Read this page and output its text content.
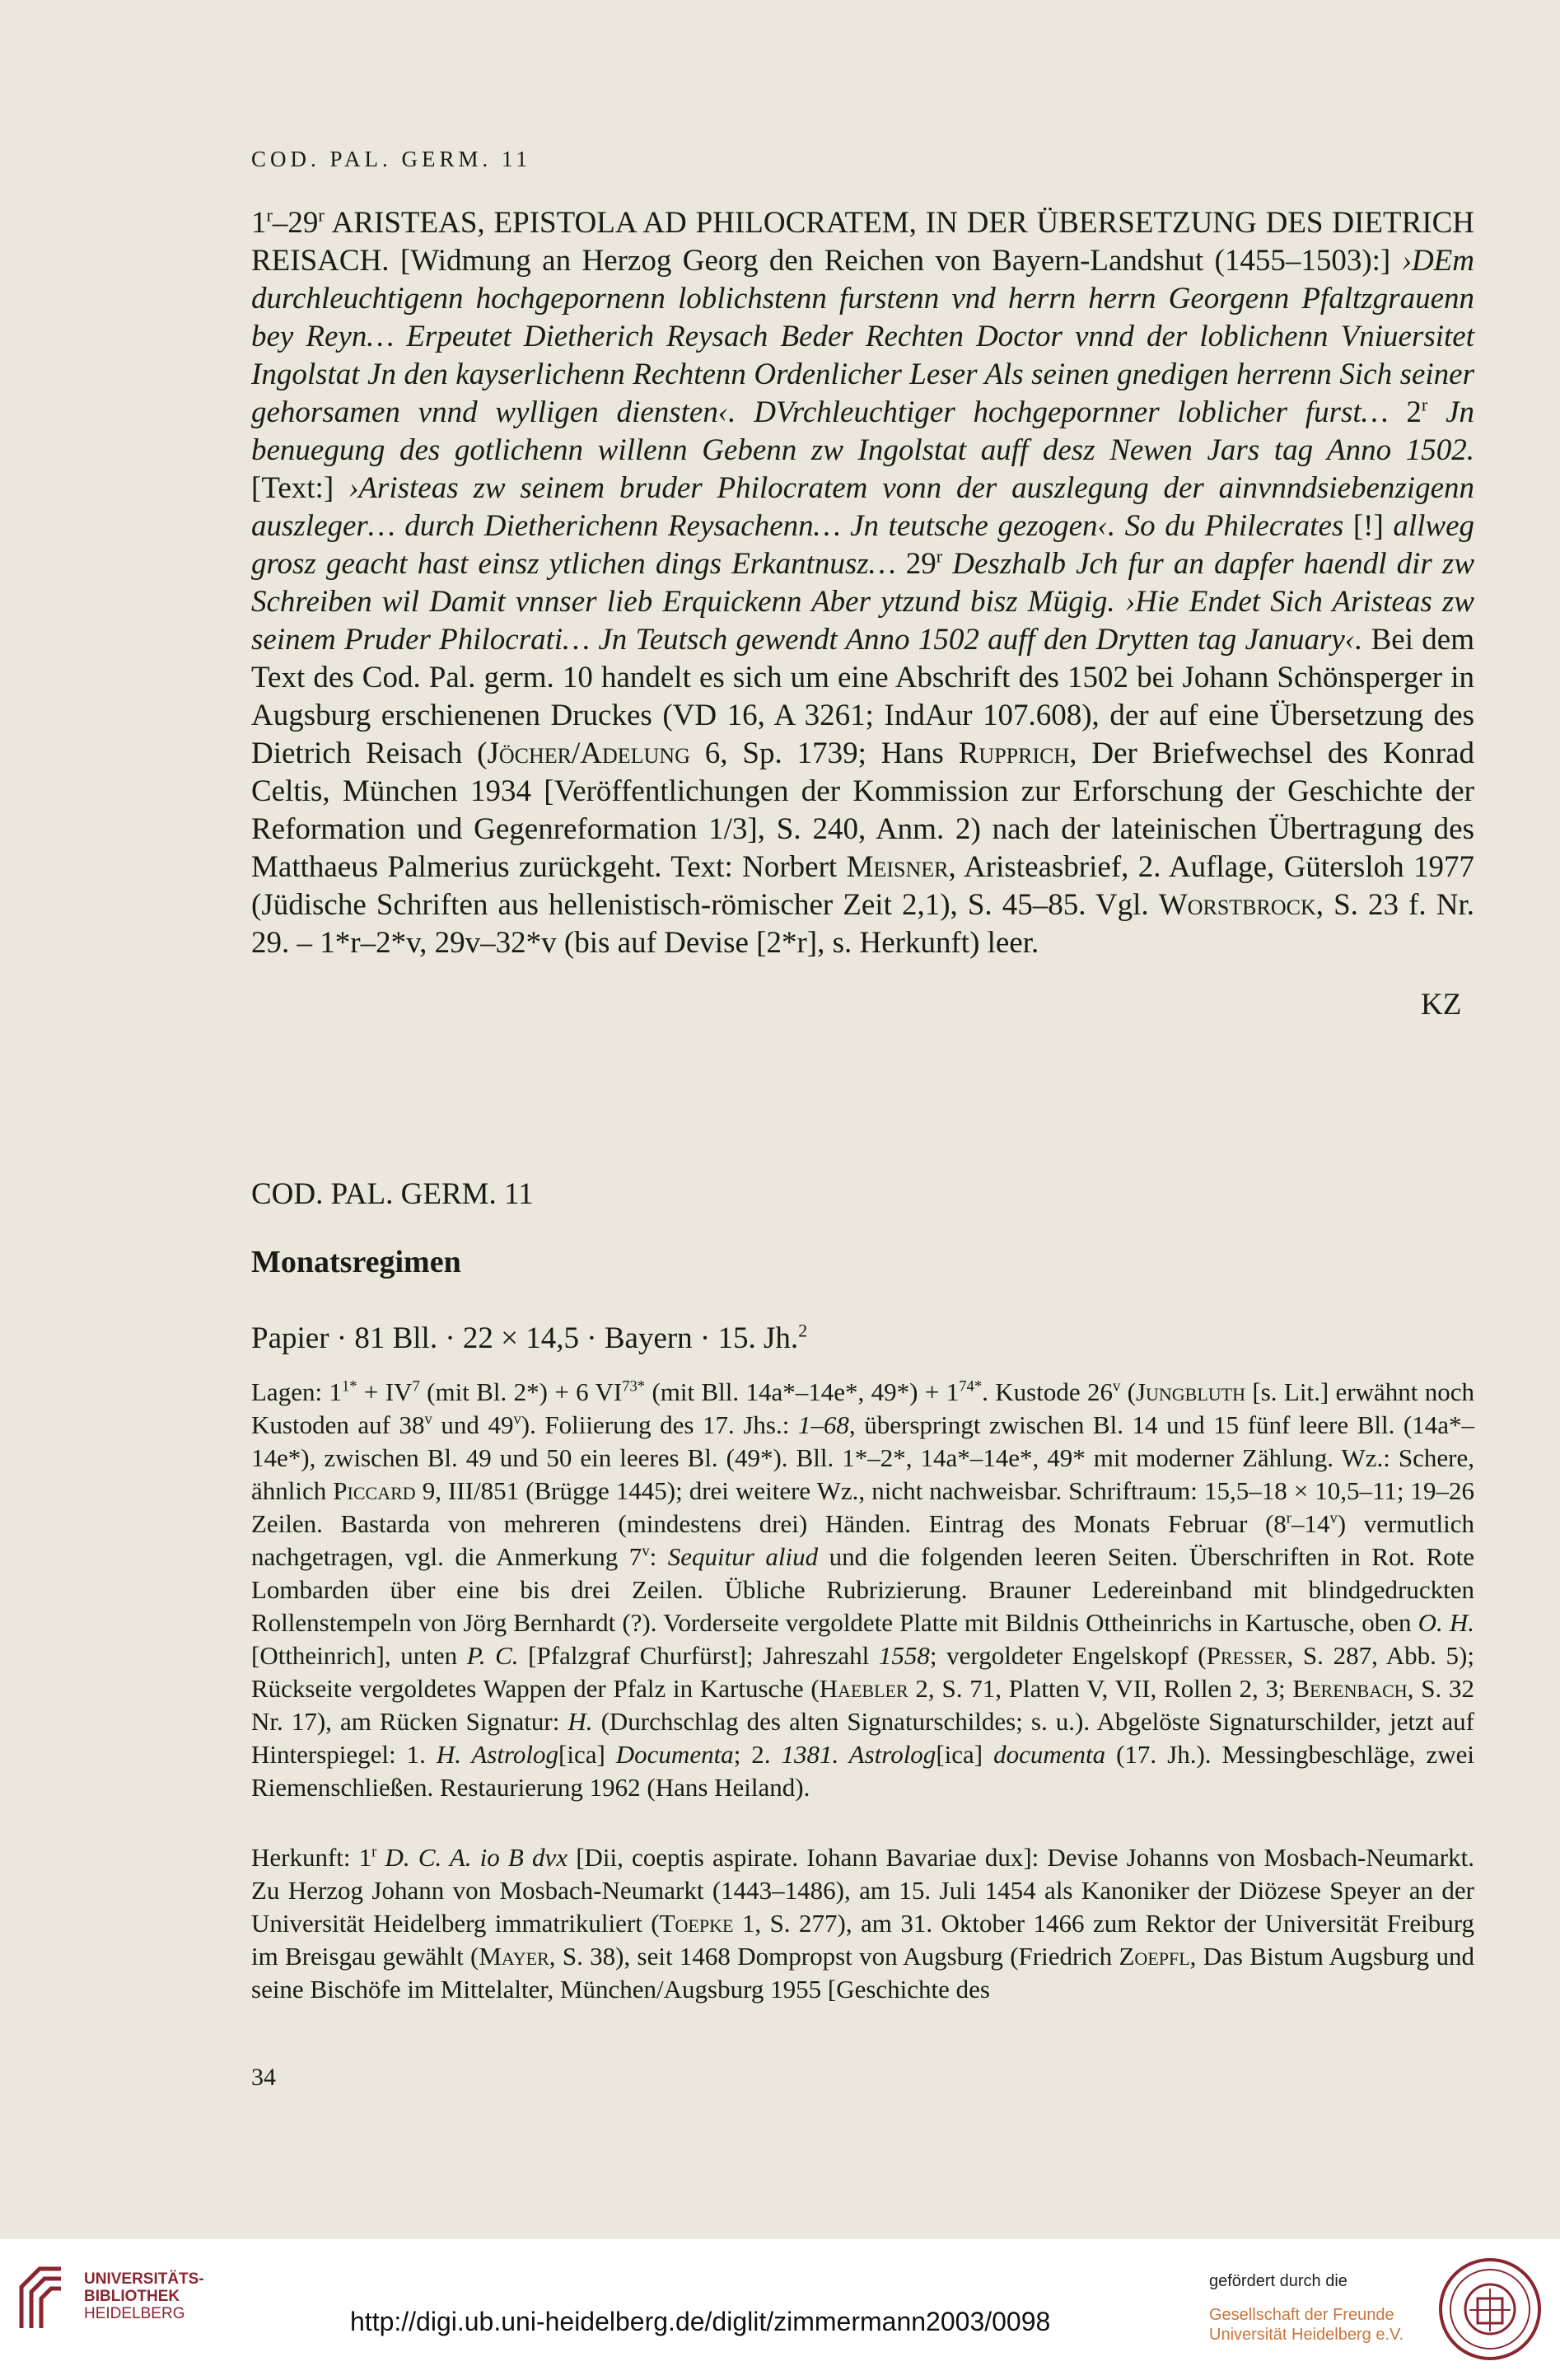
COD. PAL. GERM. 11
1$^r$–29$^r$ ARISTEAS, EPISTOLA AD PHILOCRATEM, IN DER ÜBERSETZUNG DES DIETRICH REISACH. [Widmung an Herzog Georg den Reichen von Bayern-Landshut (1455–1503):] ›DEm durchleuchtigenn hochgepornenn loblichstenn furstenn vnd herrn herrn Georgenn Pfaltzgrauenn bey Reyn… Erpeutet Dietherich Reysach Beder Rechten Doctor vnnd der loblichenn Vniuersitet Ingolstat Jn den kayserlichenn Rechtenn Ordenlicher Leser Als seinen gnedigen herrenn Sich seiner gehorsamen vnnd wylligen diensten‹. DVrchleuchtiger hochgepornner loblicher furst… 2$^r$ Jn benuegung des gotlichenn willenn Gebenn zw Ingolstat auff desz Newen Jars tag Anno 1502. [Text:] ›Aristeas zw seinem bruder Philocratem vonn der auszlegung der ainvnndsiebenzigenn auszleger… durch Dietherichenn Reysachenn… Jn teutsche gezogen‹. So du Philecrates [!] allweg grosz geacht hast einsz ytlichen dings Erkantnusz… 29$^r$ Deszhalb Jch fur an dapfer haendl dir zw Schreiben wil Damit vnnser lieb Erquickenn Aber ytzund bisz Mügig. ›Hie Endet Sich Aristeas zw seinem Pruder Philocrati… Jn Teutsch gewendt Anno 1502 auff den Drytten tag January‹. Bei dem Text des Cod. Pal. germ. 10 handelt es sich um eine Abschrift des 1502 bei Johann Schönsperger in Augsburg erschienenen Druckes (VD 16, A 3261; IndAur 107.608), der auf eine Übersetzung des Dietrich Reisach (Jöcher/Adelung 6, Sp. 1739; Hans Rupprich, Der Briefwechsel des Konrad Celtis, München 1934 [Veröffentlichungen der Kommission zur Erforschung der Geschichte der Reformation und Gegenreformation 1/3], S. 240, Anm. 2) nach der lateinischen Übertragung des Matthaeus Palmerius zurückgeht. Text: Norbert Meisner, Aristeasbrief, 2. Auflage, Gütersloh 1977 (Jüdische Schriften aus hellenistisch-römischer Zeit 2,1), S. 45–85. Vgl. Worstbrock, S. 23 f. Nr. 29. – 1*r–2*v, 29v–32*v (bis auf Devise [2*r], s. Herkunft) leer.
KZ
COD. PAL. GERM. 11
Monatsregimen
Papier · 81 Bll. · 22 × 14,5 · Bayern · 15. Jh.$^2$
Lagen: $1^{1*} + IV^7$ (mit Bl. 2*) + 6 $VI^{73*}$ (mit Bll. 14a*–14e*, $49*) + 1^{74*}$. Kustode 26$^v$ (Jungbluth [s. Lit.] erwähnt noch Kustoden auf 38$^v$ und 49$^v$). Foliierung des 17. Jhs.: 1–68, überspringt zwischen Bl. 14 und 15 fünf leere Bll. (14a*–14e*), zwischen Bl. 49 und 50 ein leeres Bl. (49*). Bll. 1*–2*, 14a*–14e*, 49* mit moderner Zählung. Wz.: Schere, ähnlich Piccard 9, III/851 (Brügge 1445); drei weitere Wz., nicht nachweisbar. Schriftraum: 15,5–18 × 10,5–11; 19–26 Zeilen. Bastarda von mehreren (mindestens drei) Händen. Eintrag des Monats Februar (8$^r$–14$^v$) vermutlich nachgetragen, vgl. die Anmerkung 7$^v$: Sequitur aliud und die folgenden leeren Seiten. Überschriften in Rot. Rote Lombarden über eine bis drei Zeilen. Übliche Rubrizierung. Brauner Ledereinband mit blindgedruckten Rollenstempeln von Jörg Bernhardt (?). Vorderseite vergoldete Platte mit Bildnis Ottheinrichs in Kartusche, oben O. H. [Ottheinrich], unten P. C. [Pfalzgraf Churfürst]; Jahreszahl 1558; vergoldeter Engelskopf (Presser, S. 287, Abb. 5); Rückseite vergoldetes Wappen der Pfalz in Kartusche (Haebler 2, S. 71, Platten V, VII, Rollen 2, 3; Berenbach, S. 32 Nr. 17), am Rücken Signatur: H. (Durchschlag des alten Signaturschildes; s. u.). Abgelöste Signaturschilder, jetzt auf Hinterspiegel: 1. H. Astrolog[ica] Documenta; 2. 1381. Astrolog[ica] documenta (17. Jh.). Messingbeschläge, zwei Riemenschließen. Restaurierung 1962 (Hans Heiland).
Herkunft: 1$^r$ D. C. A. io B dvx [Dii, coeptis aspirate. Iohann Bavariae dux]: Devise Johanns von Mosbach-Neumarkt. Zu Herzog Johann von Mosbach-Neumarkt (1443–1486), am 15. Juli 1454 als Kanoniker der Diözese Speyer an der Universität Heidelberg immatrikuliert (Toepke 1, S. 277), am 31. Oktober 1466 zum Rektor der Universität Freiburg im Breisgau gewählt (Mayer, S. 38), seit 1468 Dompropst von Augsburg (Friedrich Zoepfl, Das Bistum Augsburg und seine Bischöfe im Mittelalter, München/Augsburg 1955 [Geschichte des
34
UNIVERSITÄTS-
BIBLIOTHEK
HEIDELBERG	http://digi.ub.uni-heidelberg.de/diglit/zimmermann2003/0098
gefördert durch die
Gesellschaft der Freunde
Universität Heidelberg e.V.
